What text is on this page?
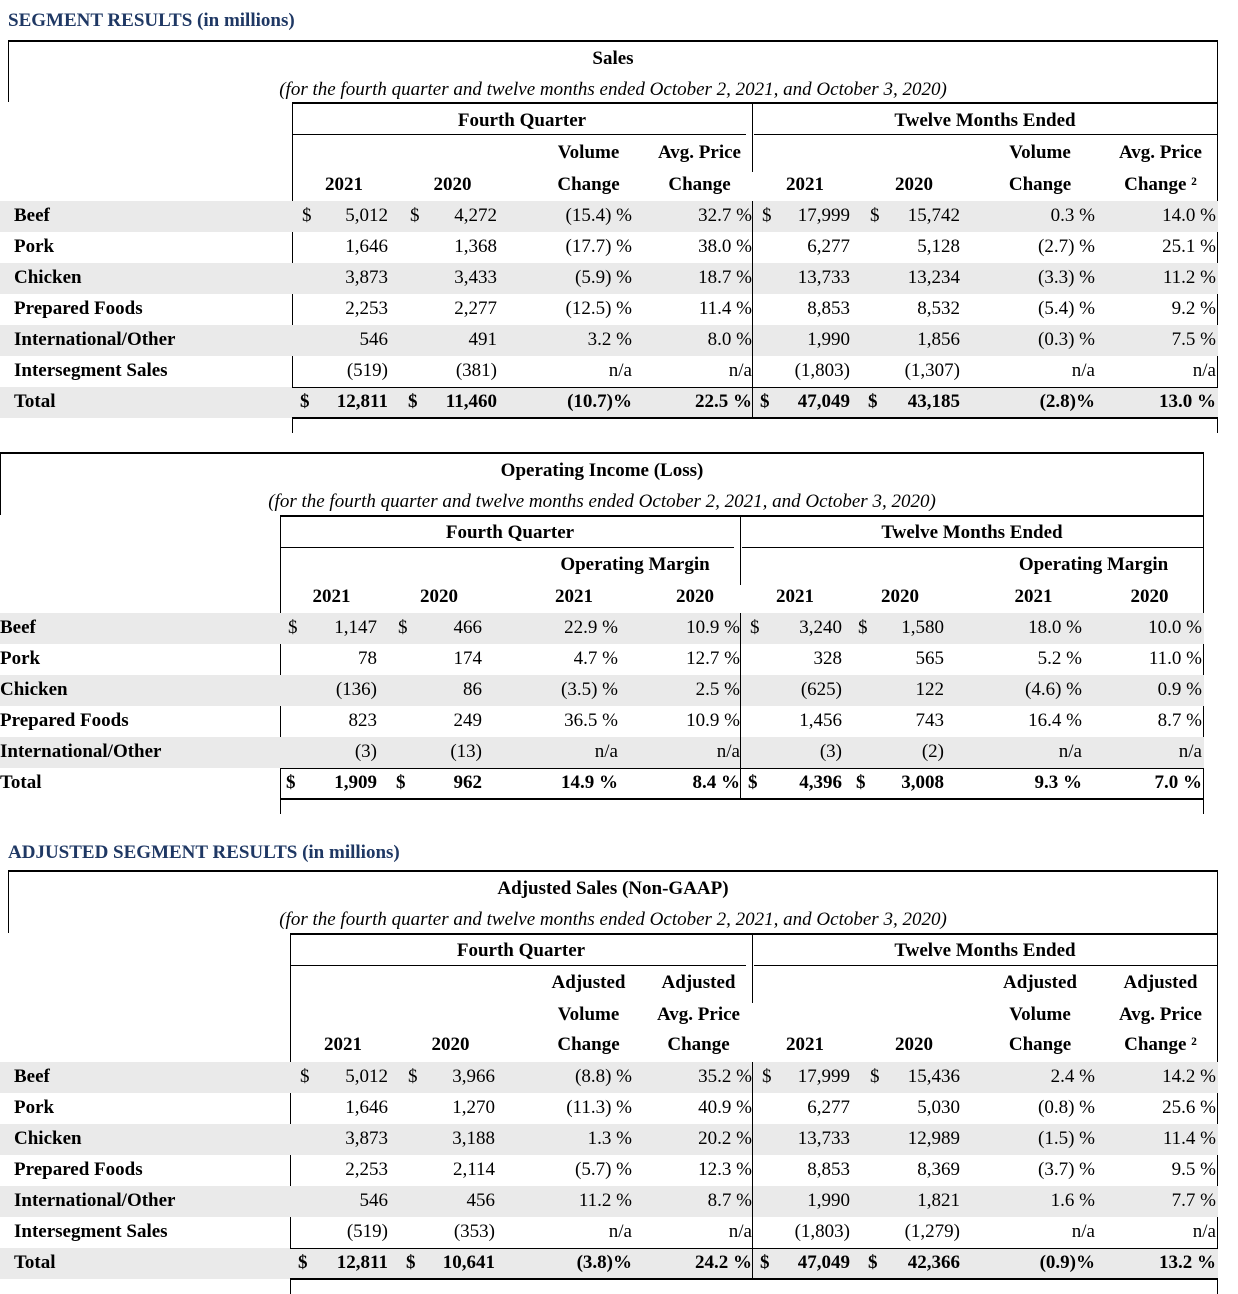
SEGMENT RESULTS (in millions)
ADJUSTED SEGMENT RESULTS (in millions)
Sales
(for the fourth quarter and twelve months ended October 2, 2021, and October 3, 2020)
Fourth Quarter	Twelve Months Ended
Volume	Avg. Price	Volume	Avg. Price
2021	2020	Change	Change	2021	2020	Change	Change ²
Beef	$	5,012 $	4,272	(15.4) %	32.7 % $	17,999 $	15,742	0.3 %	14.0 %
Pork	1,646	1,368	(17.7) %	38.0 %	6,277	5,128	(2.7) %	25.1 %
Chicken	3,873	3,433	(5.9) %	18.7 %	13,733	13,234	(3.3) %	11.2 %
Prepared Foods	2,253	2,277	(12.5) %	11.4 %	8,853	8,532	(5.4) %	9.2 %
International/Other	546	491	3.2 %	8.0 %	1,990	1,856	(0.3) %	7.5 %
Intersegment Sales	(519)	(381)	n/a	n/a	(1,803)	(1,307)	n/a	n/a
Total	$	12,811 $	11,460	(10.7)%	22.5 % $	47,049 $	43,185	(2.8)%	13.0 %
Operating Income (Loss)
(for the fourth quarter and twelve months ended October 2, 2021, and October 3, 2020)
Fourth Quarter	Twelve Months Ended
Operating Margin	Operating Margin
2021	2020	2021	2020	2021	2020	2021	2020
Beef	$	1,147 $	466	22.9 %	10.9 % $	3,240 $	1,580	18.0 %	10.0 %
Pork	78	174	4.7 %	12.7 %	328	565	5.2 %	11.0 %
Chicken	(136)	86	(3.5) %	2.5 %	(625)	122	(4.6) %	0.9 %
Prepared Foods	823	249	36.5 %	10.9 %	1,456	743	16.4 %	8.7 %
International/Other	(3)	(13)	n/a	n/a	(3)	(2)	n/a	n/a
Total	$	1,909 $	962	14.9 %	8.4 % $	4,396 $	3,008	9.3 %	7.0 %
Adjusted Sales (Non-GAAP)
(for the fourth quarter and twelve months ended October 2, 2021, and October 3, 2020)
Fourth Quarter	Twelve Months Ended
Adjusted	Adjusted	Adjusted	Adjusted
Volume	Avg. Price	Volume	Avg. Price
2021	2020	Change	Change	2021	2020	Change	Change ²
Beef	$	5,012 $	3,966	(8.8) %	35.2 % $	17,999 $	15,436	2.4 %	14.2 %
Pork	1,646	1,270	(11.3) %	40.9 %	6,277	5,030	(0.8) %	25.6 %
Chicken	3,873	3,188	1.3 %	20.2 %	13,733	12,989	(1.5) %	11.4 %
Prepared Foods	2,253	2,114	(5.7) %	12.3 %	8,853	8,369	(3.7) %	9.5 %
International/Other	546	456	11.2 %	8.7 %	1,990	1,821	1.6 %	7.7 %
Intersegment Sales	(519)	(353)	n/a	n/a	(1,803)	(1,279)	n/a	n/a
Total	$	12,811 $	10,641	(3.8)%	24.2 % $	47,049 $	42,366	(0.9)%	13.2 %
